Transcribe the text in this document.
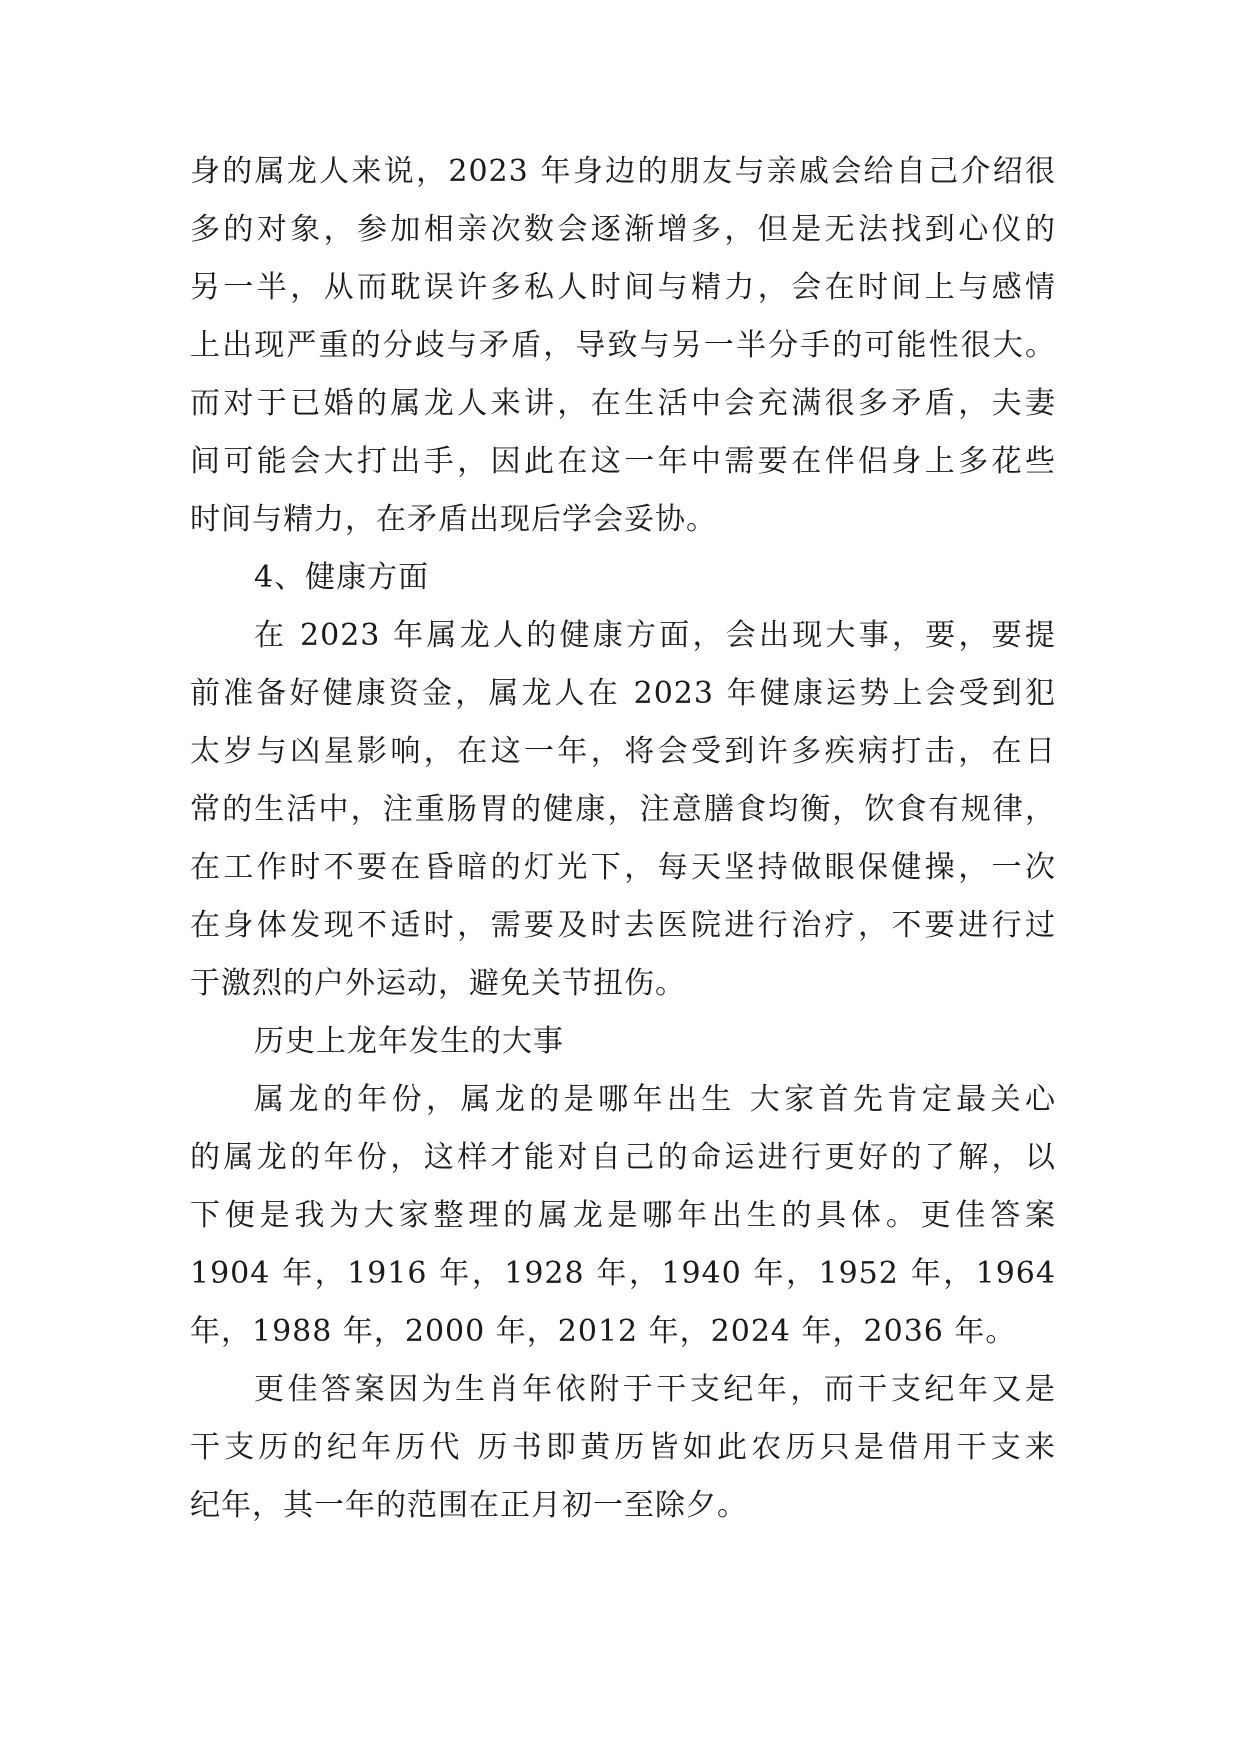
身的属龙人来说，2023 年身边的朋友与亲戚会给自己介绍很
多的对象，参加相亲次数会逐渐增多，但是无法找到心仪的
另一半，从而耽误许多私人时间与精力，会在时间上与感情
上出现严重的分歧与矛盾，导致与另一半分手的可能性很大。
而对于已婚的属龙人来讲，在生活中会充满很多矛盾，夫妻
间可能会大打出手，因此在这一年中需要在伴侣身上多花些
时间与精力，在矛盾出现后学会妥协。
4、健康方面
在 2023 年属龙人的健康方面，会出现大事，要，要提
前准备好健康资金，属龙人在 2023 年健康运势上会受到犯
太岁与凶星影响，在这一年，将会受到许多疾病打击，在日
常的生活中，注重肠胃的健康，注意膳食均衡，饮食有规律，
在工作时不要在昏暗的灯光下，每天坚持做眼保健操，一次
在身体发现不适时，需要及时去医院进行治疗，不要进行过
于激烈的户外运动，避免关节扭伤。
历史上龙年发生的大事
属龙的年份，属龙的是哪年出生 大家首先肯定最关心
的属龙的年份，这样才能对自己的命运进行更好的了解，以
下便是我为大家整理的属龙是哪年出生的具体。更佳答案
1904 年，1916 年，1928 年，1940 年，1952 年，1964
年，1988 年，2000 年，2012 年，2024 年，2036 年。
更佳答案因为生肖年依附于干支纪年，而干支纪年又是
干支历的纪年历代 历书即黄历皆如此农历只是借用干支来
纪年，其一年的范围在正月初一至除夕。
